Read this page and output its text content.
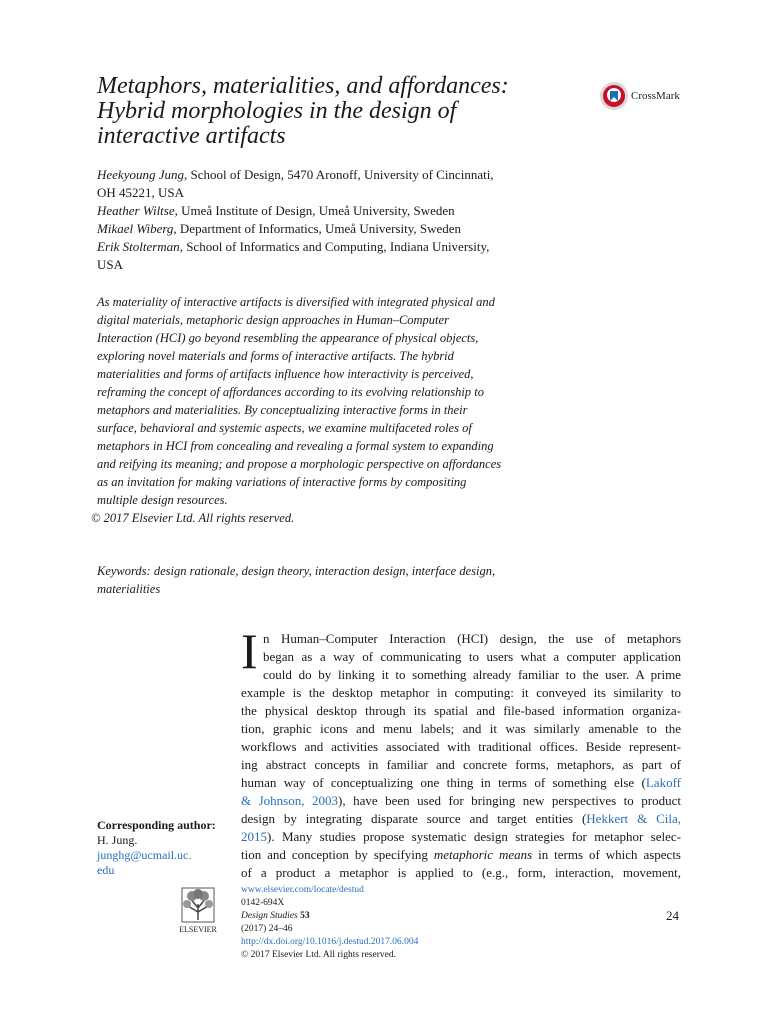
Metaphors, materialities, and affordances:
Hybrid morphologies in the design of
interactive artifacts
CrossMark
Heekyoung Jung, School of Design, 5470 Aronoff, University of Cincinnati,
OH 45221, USA
Heather Wiltse, Umeå Institute of Design, Umeå University, Sweden
Mikael Wiberg, Department of Informatics, Umeå University, Sweden
Erik Stolterman, School of Informatics and Computing, Indiana University,
USA
As materiality of interactive artifacts is diversified with integrated physical and
digital materials, metaphoric design approaches in Human–Computer
Interaction (HCI) go beyond resembling the appearance of physical objects,
exploring novel materials and forms of interactive artifacts. The hybrid
materialities and forms of artifacts influence how interactivity is perceived,
reframing the concept of affordances according to its evolving relationship to
metaphors and materialities. By conceptualizing interactive forms in their
surface, behavioral and systemic aspects, we examine multifaceted roles of
metaphors in HCI from concealing and revealing a formal system to expanding
and reifying its meaning; and propose a morphologic perspective on affordances
as an invitation for making variations of interactive forms by compositing
multiple design resources.
© 2017 Elsevier Ltd. All rights reserved.
Keywords: design rationale, design theory, interaction design, interface design,
materialities
I n Human–Computer Interaction (HCI) design, the use of metaphors
began as a way of communicating to users what a computer application
could do by linking it to something already familiar to the user. A prime
example is the desktop metaphor in computing: it conveyed its similarity to
the physical desktop through its spatial and file-based information organiza-
tion, graphic icons and menu labels; and it was similarly amenable to the
workflows and activities associated with traditional offices. Beside represent-
ing abstract concepts in familiar and concrete forms, metaphors, as part of
human way of conceptualizing one thing in terms of something else (Lakoff
& Johnson, 2003), have been used for bringing new perspectives to product
design by integrating disparate source and target entities (Hekkert & Cila,
2015). Many studies propose systematic design strategies for metaphor selec-
tion and conception by specifying metaphoric means in terms of which aspects
of a product a metaphor is applied to (e.g., form, interaction, movement,
Corresponding author:
H. Jung.
junghg@ucmail.uc.
edu
ELSEVIER
www.elsevier.com/locate/destud
0142-694X
Design Studies 53
(2017) 24–46
http://dx.doi.org/10.1016/j.destud.2017.06.004
© 2017 Elsevier Ltd. All rights reserved.
24
